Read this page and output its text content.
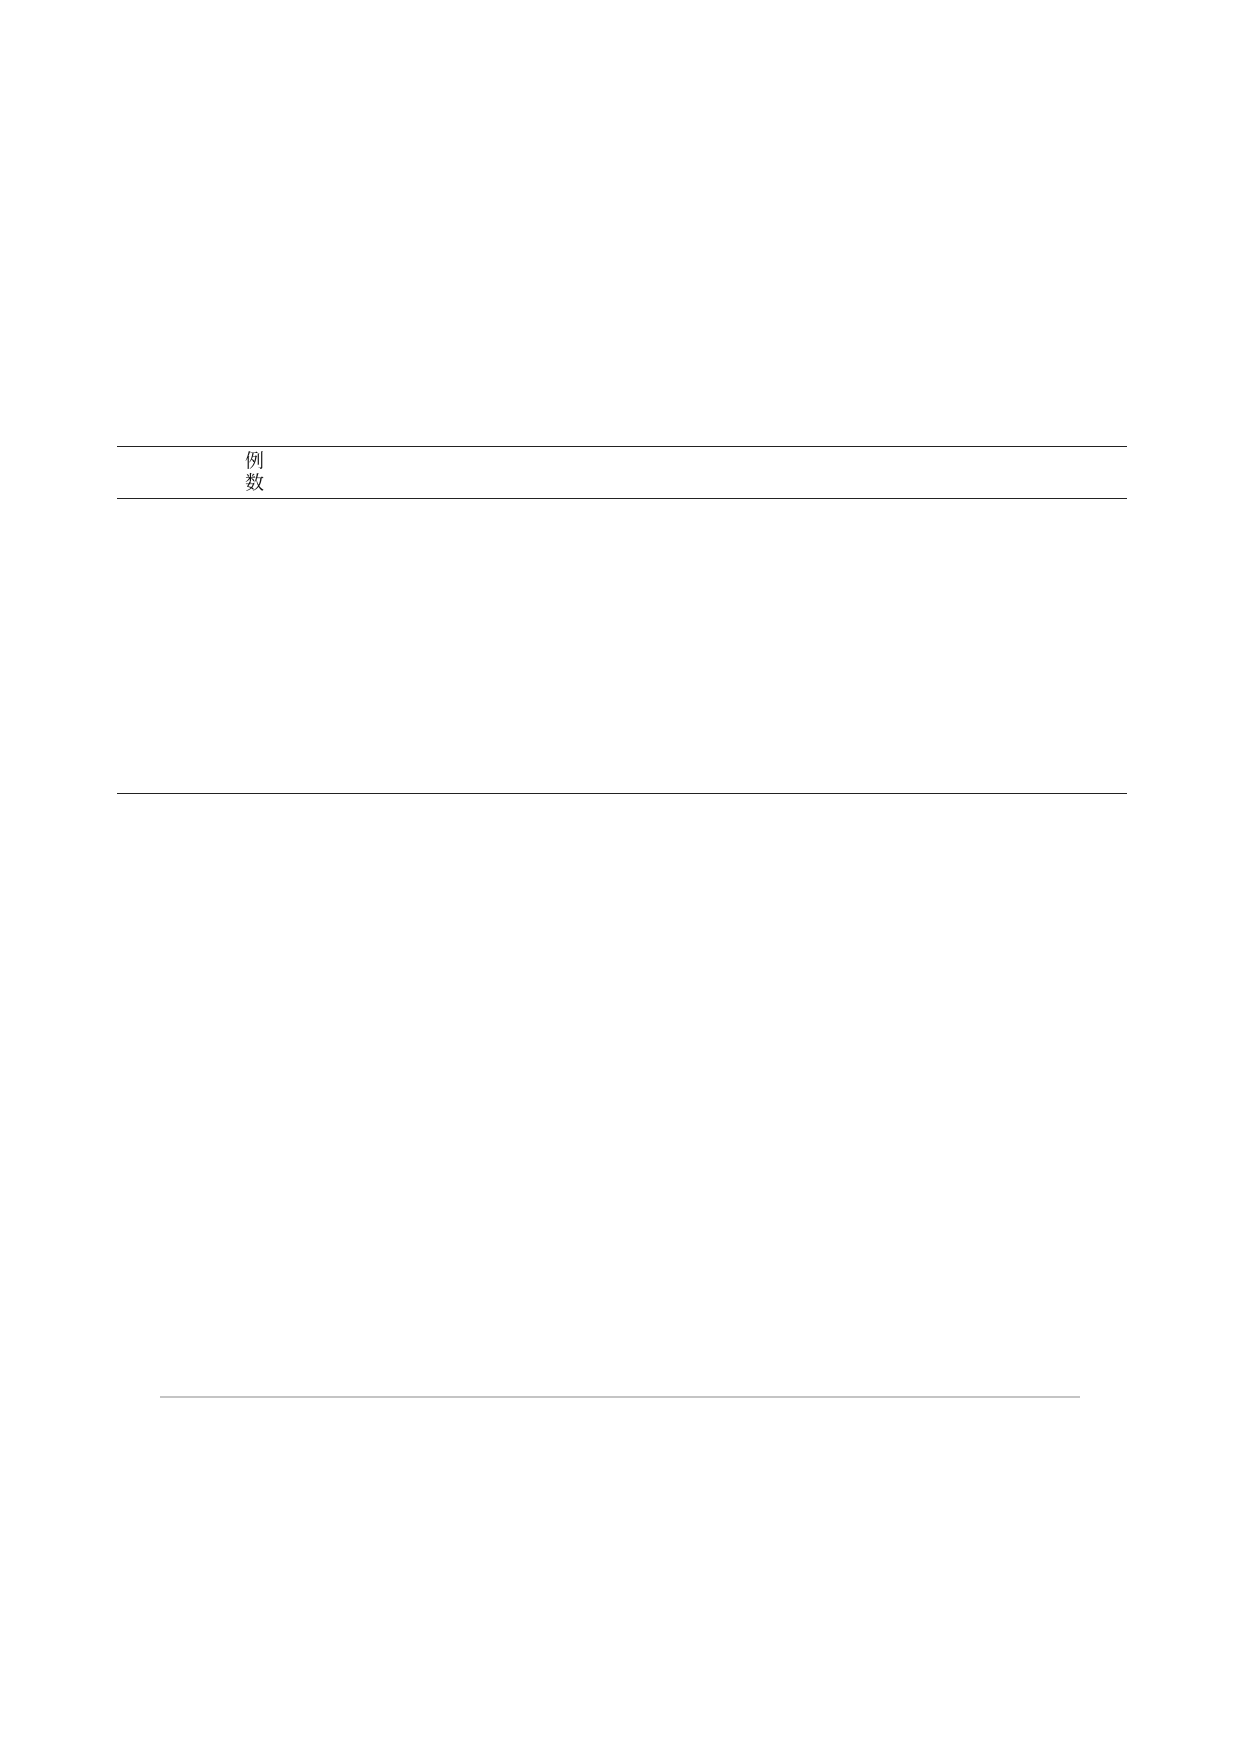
	例
数				
